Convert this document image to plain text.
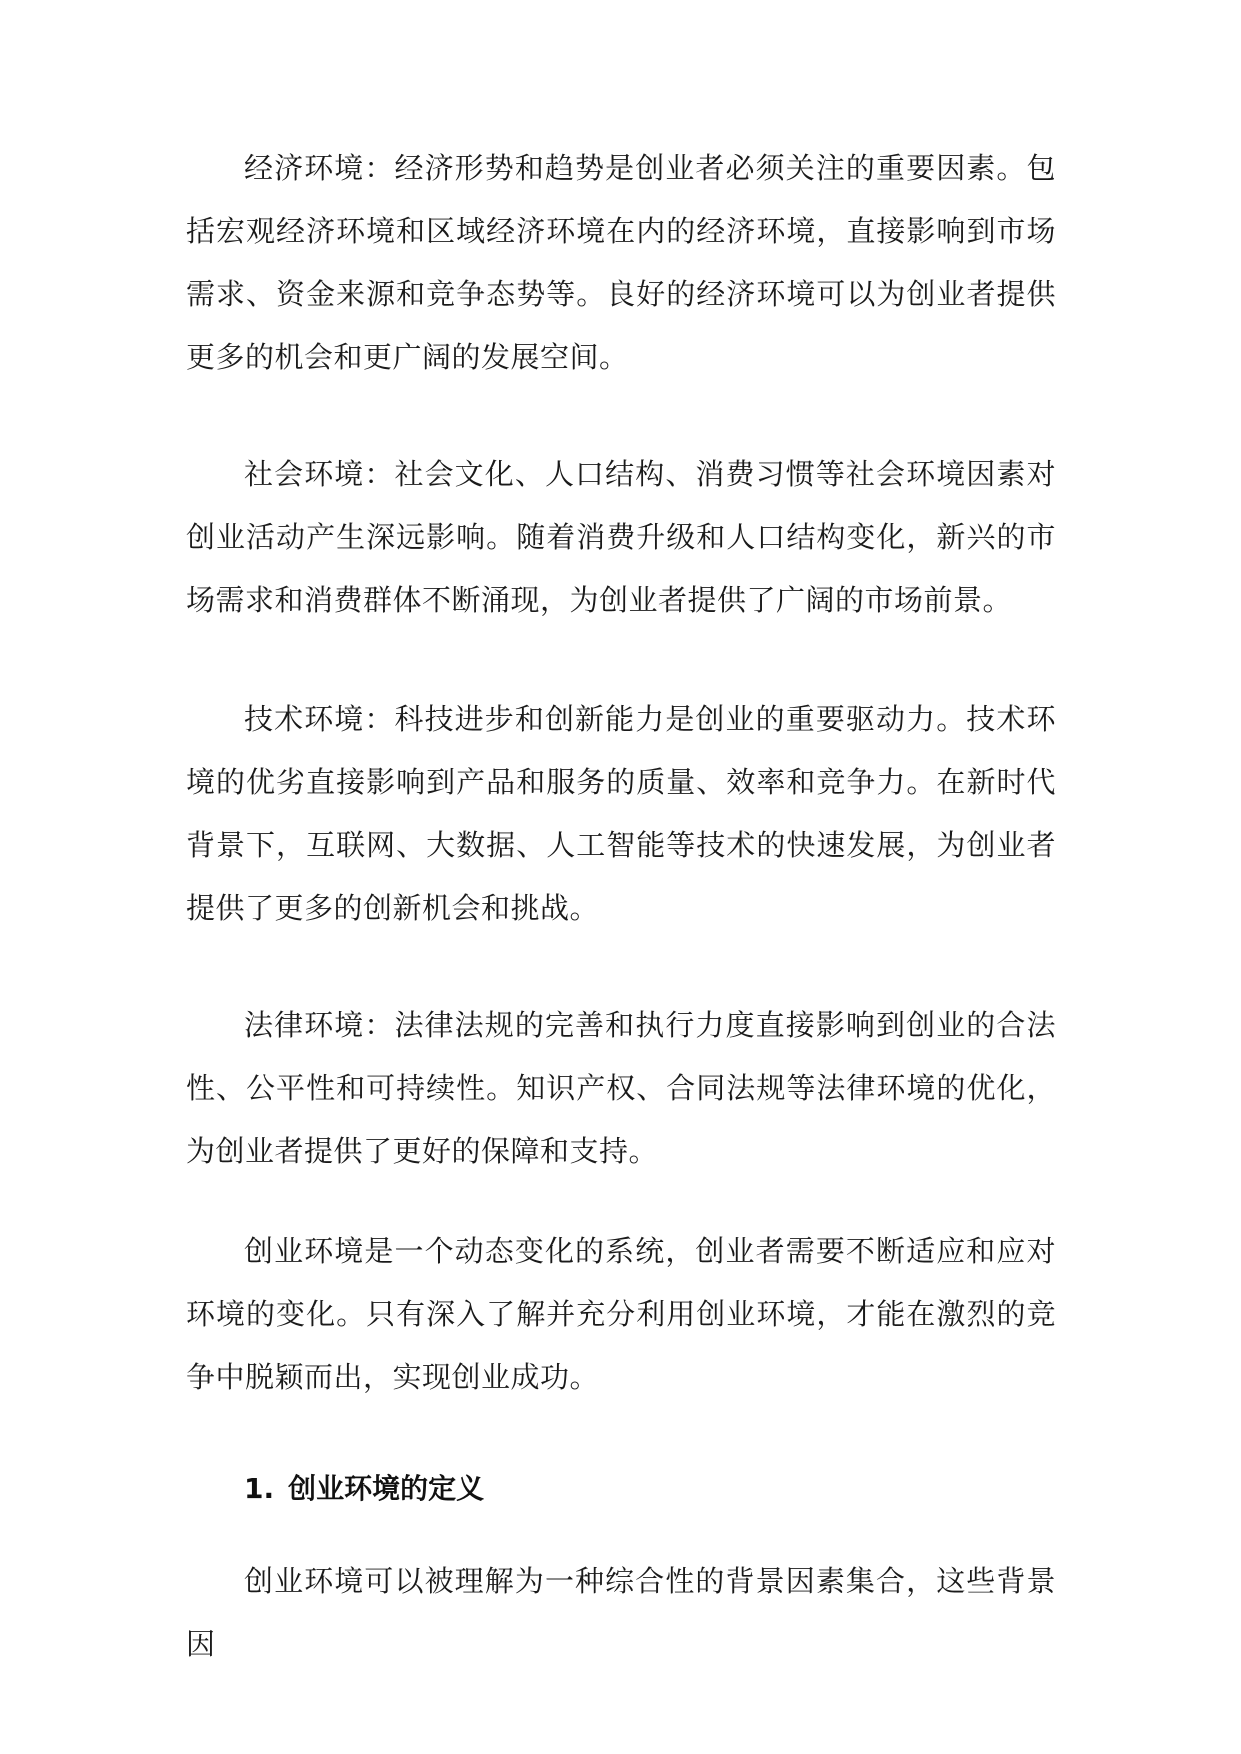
经济环境：经济形势和趋势是创业者必须关注的重要因素。包括宏观经济环境和区域经济环境在内的经济环境，直接影响到市场需求、资金来源和竞争态势等。良好的经济环境可以为创业者提供更多的机会和更广阔的发展空间。

社会环境：社会文化、人口结构、消费习惯等社会环境因素对创业活动产生深远影响。随着消费升级和人口结构变化，新兴的市场需求和消费群体不断涌现，为创业者提供了广阔的市场前景。

技术环境：科技进步和创新能力是创业的重要驱动力。技术环境的优劣直接影响到产品和服务的质量、效率和竞争力。在新时代背景下，互联网、大数据、人工智能等技术的快速发展，为创业者提供了更多的创新机会和挑战。

法律环境：法律法规的完善和执行力度直接影响到创业的合法性、公平性和可持续性。知识产权、合同法规等法律环境的优化，为创业者提供了更好的保障和支持。

创业环境是一个动态变化的系统，创业者需要不断适应和应对环境的变化。只有深入了解并充分利用创业环境，才能在激烈的竞争中脱颖而出，实现创业成功。

1. 创业环境的定义

创业环境可以被理解为一种综合性的背景因素集合，这些背景因
